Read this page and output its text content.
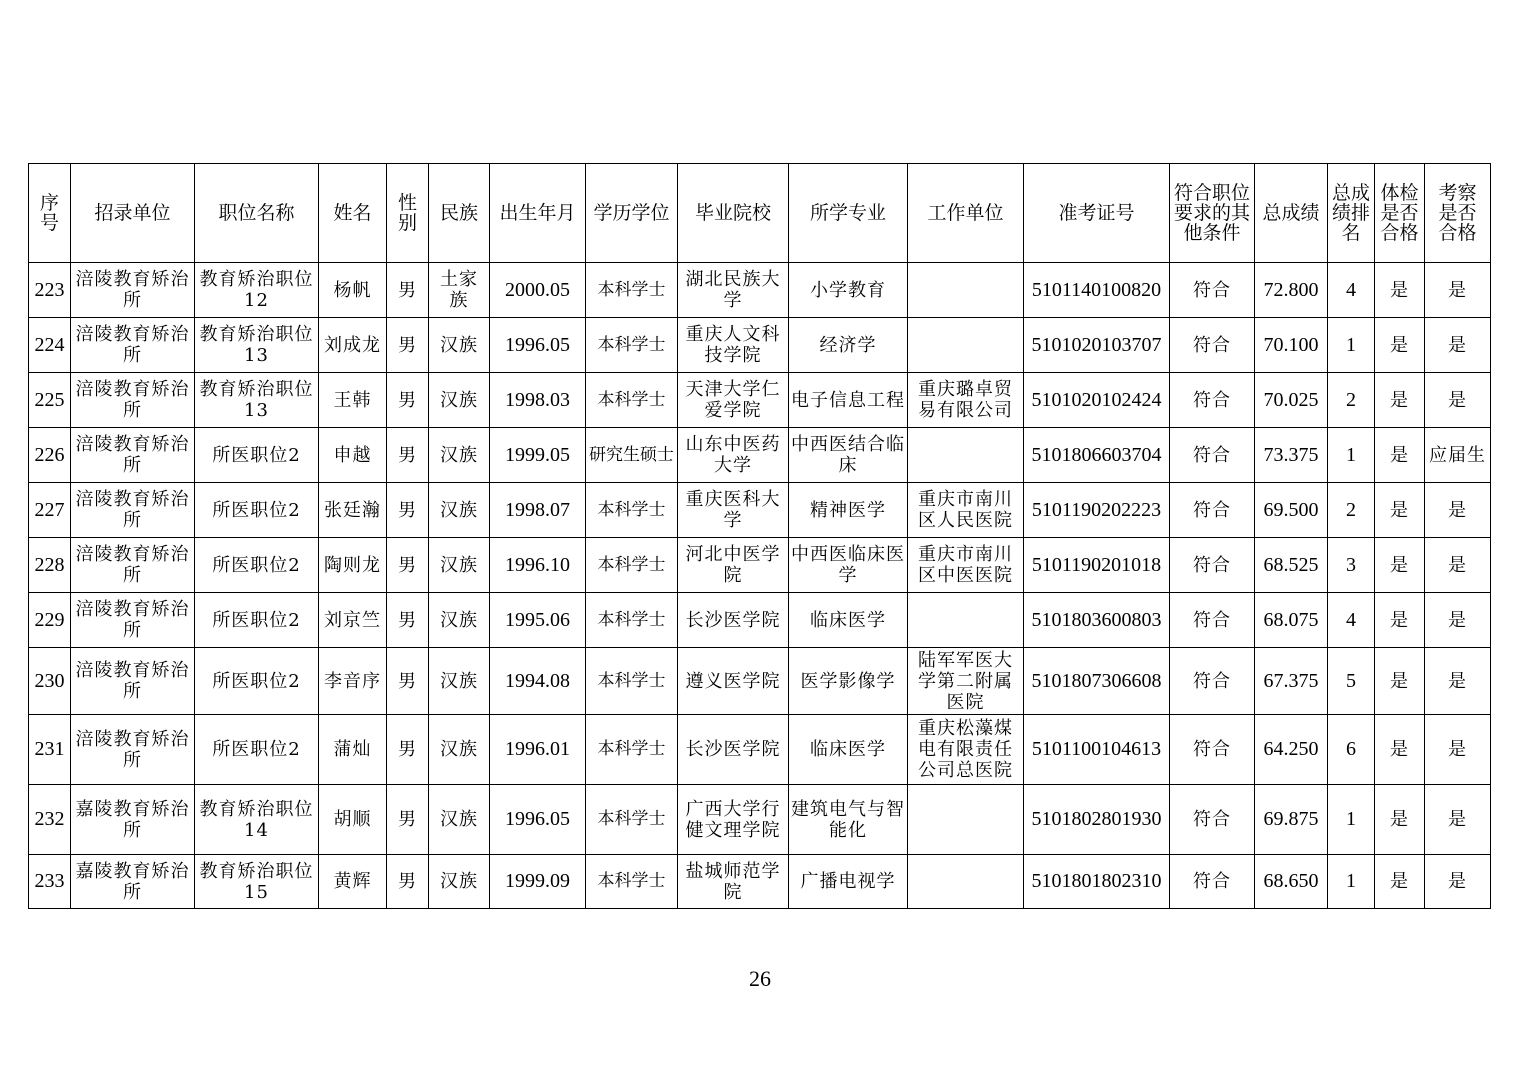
序号	招录单位	职位名称	姓名	性别	民族	出生年月	学历学位	毕业院校	所学专业	工作单位	准考证号	符合职位要求的其他条件	总成绩	总成绩排名	体检是否合格	考察是否合格
223	涪陵教育矫治所	教育矫治职位12	杨帆	男	土家族	2000.05	本科学士	湖北民族大学	小学教育		5101140100820	符合	72.800	4	是	是
224	涪陵教育矫治所	教育矫治职位13	刘成龙	男	汉族	1996.05	本科学士	重庆人文科技学院	经济学		5101020103707	符合	70.100	1	是	是
225	涪陵教育矫治所	教育矫治职位13	王韩	男	汉族	1998.03	本科学士	天津大学仁爱学院	电子信息工程	重庆璐卓贸易有限公司	5101020102424	符合	70.025	2	是	是
226	涪陵教育矫治所	所医职位2	申越	男	汉族	1999.05	研究生硕士	山东中医药大学	中西医结合临床		5101806603704	符合	73.375	1	是	应届生
227	涪陵教育矫治所	所医职位2	张廷瀚	男	汉族	1998.07	本科学士	重庆医科大学	精神医学	重庆市南川区人民医院	5101190202223	符合	69.500	2	是	是
228	涪陵教育矫治所	所医职位2	陶则龙	男	汉族	1996.10	本科学士	河北中医学院	中西医临床医学	重庆市南川区中医医院	5101190201018	符合	68.525	3	是	是
229	涪陵教育矫治所	所医职位2	刘京竺	男	汉族	1995.06	本科学士	长沙医学院	临床医学		5101803600803	符合	68.075	4	是	是
230	涪陵教育矫治所	所医职位2	李音序	男	汉族	1994.08	本科学士	遵义医学院	医学影像学	陆军军医大学第二附属医院	5101807306608	符合	67.375	5	是	是
231	涪陵教育矫治所	所医职位2	蒲灿	男	汉族	1996.01	本科学士	长沙医学院	临床医学	重庆松藻煤电有限责任公司总医院	5101100104613	符合	64.250	6	是	是
232	嘉陵教育矫治所	教育矫治职位14	胡顺	男	汉族	1996.05	本科学士	广西大学行健文理学院	建筑电气与智能化		5101802801930	符合	69.875	1	是	是
233	嘉陵教育矫治所	教育矫治职位15	黄辉	男	汉族	1999.09	本科学士	盐城师范学院	广播电视学		5101801802310	符合	68.650	1	是	是
26
